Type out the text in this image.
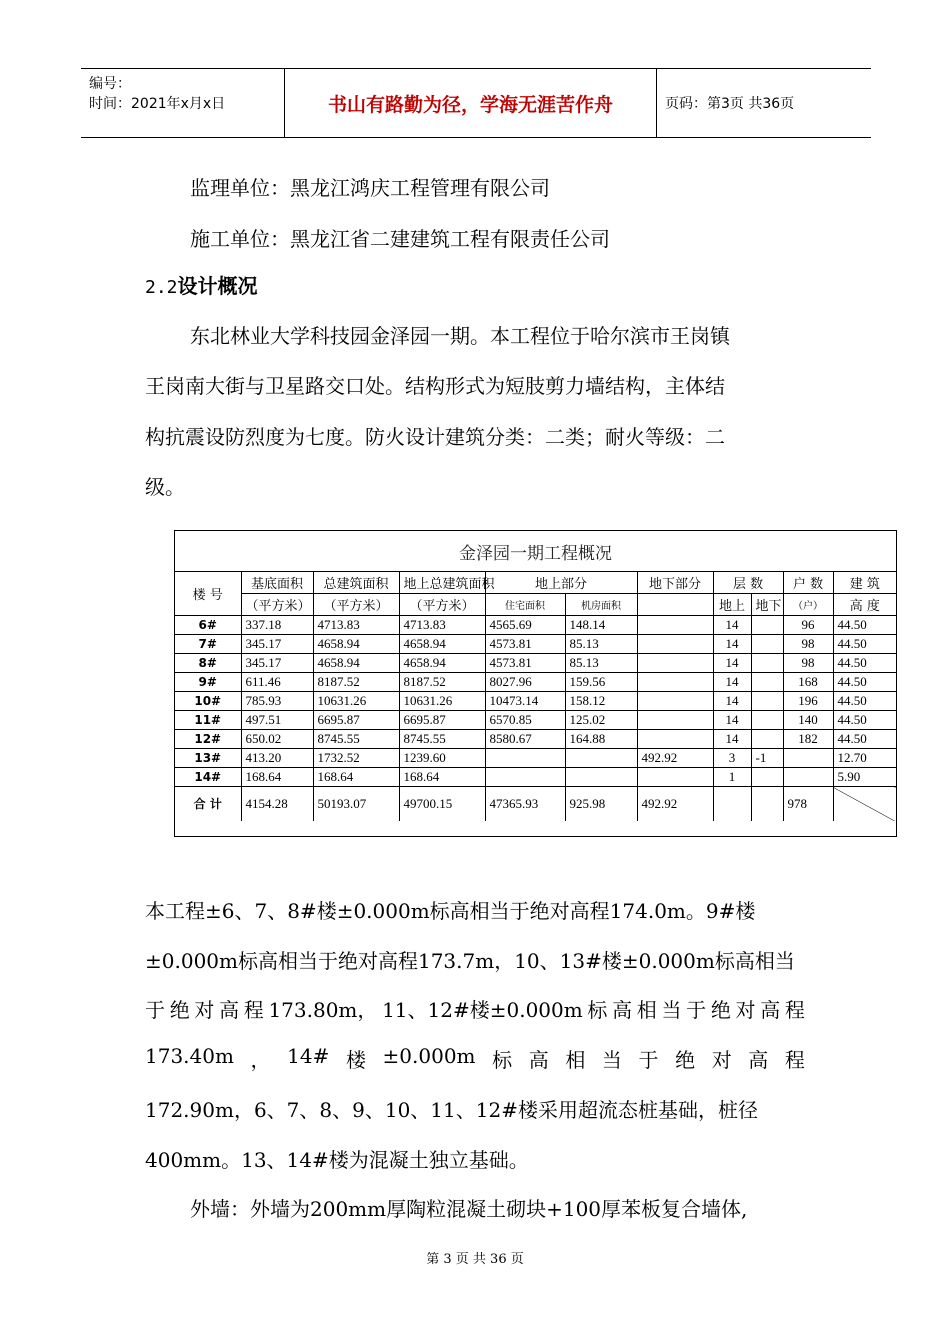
编号：
时间：2021年x月x日	书山有路勤为径，学海无涯苦作舟	页码：第3页 共36页
监理单位：黑龙江鸿庆工程管理有限公司
施工单位：黑龙江省二建建筑工程有限责任公司
2.2设计概况
东北林业大学科技园金泽园一期。本工程位于哈尔滨市王岗镇
王岗南大街与卫星路交口处。结构形式为短肢剪力墙结构，主体结
构抗震设防烈度为七度。防火设计建筑分类：二类；耐火等级：二
级。
金泽园一期工程概况
楼 号	基底面积	总建筑面积	地上总建筑面积	地上部分		地下部分	层 数		户 数	建 筑
	（平方米）	（平方米）	（平方米）	住宅面积	机房面积		地上	地下	（户）	高 度
6#	337.18	4713.83	4713.83	4565.69	148.14		14		96	44.50
7#	345.17	4658.94	4658.94	4573.81	85.13		14		98	44.50
8#	345.17	4658.94	4658.94	4573.81	85.13		14		98	44.50
9#	611.46	8187.52	8187.52	8027.96	159.56		14		168	44.50
10#	785.93	10631.26	10631.26	10473.14	158.12		14		196	44.50
11#	497.51	6695.87	6695.87	6570.85	125.02		14		140	44.50
12#	650.02	8745.55	8745.55	8580.67	164.88		14		182	44.50
13#	413.20	1732.52	1239.60			492.92	3	-1		12.70
14#	168.64	168.64	168.64				1			5.90
合 计	4154.28	50193.07	49700.15	47365.93	925.98	492.92			978	
本工程±6、7、8#楼±0.000m标高相当于绝对高程174.0m。9#楼
±0.000m标高相当于绝对高程173.7m，10、13#楼±0.000m标高相当
于 绝 对 高 程 173.80m， 11、12#楼±0.000m 标 高 相 当 于 绝 对 高 程
173.40m ， 14# 楼 ±0.000m 标 高 相 当 于 绝 对 高 程
172.90m，6、7、8、9、10、11、12#楼采用超流态桩基础，桩径
400mm。13、14#楼为混凝土独立基础。
外墙：外墙为200mm厚陶粒混凝土砌块+100厚苯板复合墙体,
第 3 页 共 36 页
